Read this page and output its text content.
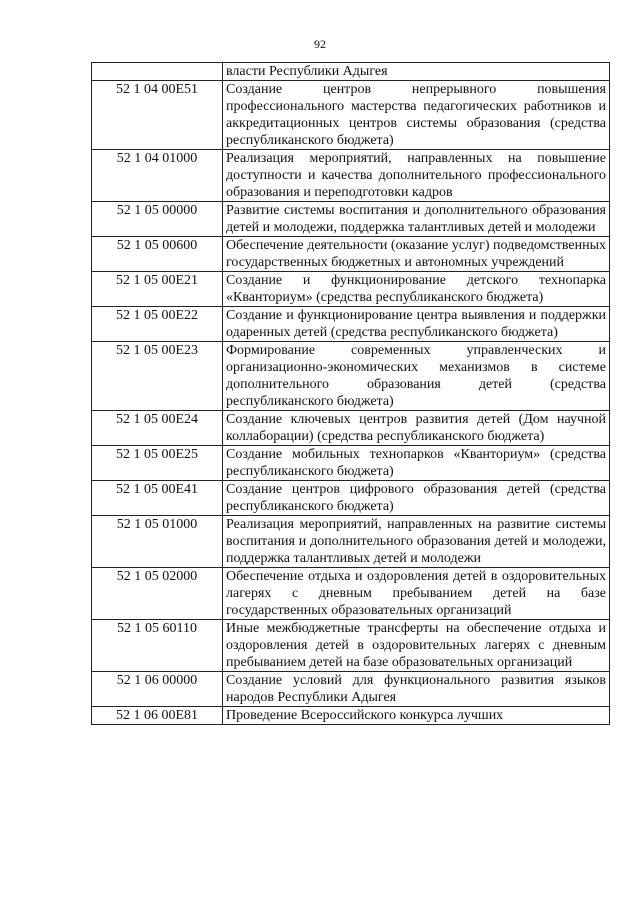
92
	власти Республики Адыгея
52 1 04 00E51	Создание центров непрерывного повышения профессионального мастерства педагогических работников и аккредитационных центров системы образования (средства республиканского бюджета)
52 1 04 01000	Реализация мероприятий, направленных на повышение доступности и качества дополнительного профессионального образования и переподготовки кадров
52 1 05 00000	Развитие системы воспитания и дополнительного образования детей и молодежи, поддержка талантливых детей и молодежи
52 1 05 00600	Обеспечение деятельности (оказание услуг) подведомственных государственных бюджетных и автономных учреждений
52 1 05 00E21	Создание и функционирование детского технопарка «Кванториум» (средства республиканского бюджета)
52 1 05 00E22	Создание и функционирование центра выявления и поддержки одаренных детей (средства республиканского бюджета)
52 1 05 00E23	Формирование современных управленческих и организационно-экономических механизмов в системе дополнительного образования детей (средства республиканского бюджета)
52 1 05 00E24	Создание ключевых центров развития детей (Дом научной коллаборации) (средства республиканского бюджета)
52 1 05 00E25	Создание мобильных технопарков «Кванториум» (средства республиканского бюджета)
52 1 05 00E41	Создание центров цифрового образования детей (средства республиканского бюджета)
52 1 05 01000	Реализация мероприятий, направленных на развитие системы воспитания и дополнительного образования детей и молодежи, поддержка талантливых детей и молодежи
52 1 05 02000	Обеспечение отдыха и оздоровления детей в оздоровительных лагерях с дневным пребыванием детей на базе государственных образовательных организаций
52 1 05 60110	Иные межбюджетные трансферты на обеспечение отдыха и оздоровления детей в оздоровительных лагерях с дневным пребыванием детей на базе образовательных организаций
52 1 06 00000	Создание условий для функционального развития языков народов Республики Адыгея
52 1 06 00E81	Проведение Всероссийского конкурса лучших
